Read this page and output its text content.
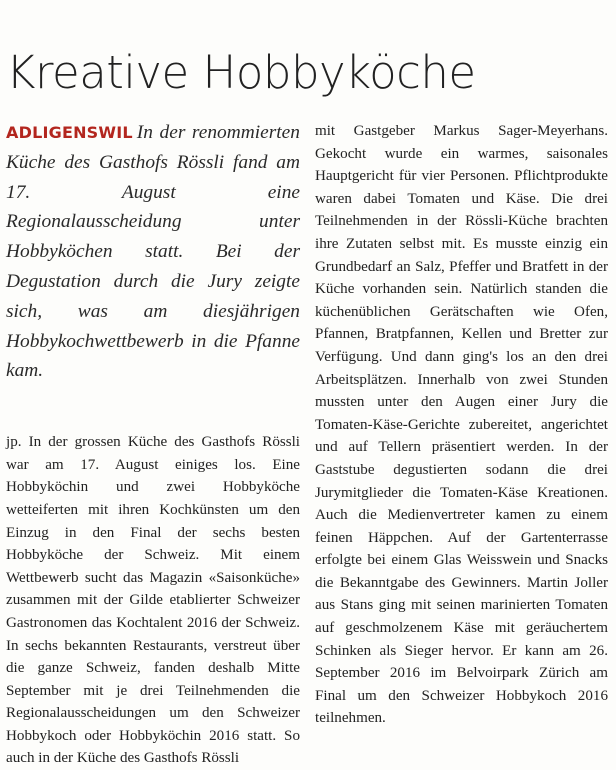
Kreative Hobbyköche

ADLIGENSWIL In der renommierten Küche des Gasthofs Rössli fand am 17. August eine Regionalausscheidung unter Hobbyköchen statt. Bei der Degustation durch die Jury zeigte sich, was am diesjährigen Hobbykochwettbewerb in die Pfanne kam.

jp. In der grossen Küche des Gasthofs Rössli war am 17. August einiges los. Eine Hobbyköchin und zwei Hobbyköche wetteiferten mit ihren Kochkünsten um den Einzug in den Final der sechs besten Hobbyköche der Schweiz. Mit einem Wettbewerb sucht das Magazin «Saisonküche» zusammen mit der Gilde etablierter Schweizer Gastronomen das Kochtalent 2016 der Schweiz. In sechs bekannten Restaurants, verstreut über die ganze Schweiz, fanden deshalb Mitte September mit je drei Teilnehmenden die Regionalausscheidungen um den Schweizer Hobbykoch oder Hobbyköchin 2016 statt. So auch in der Küche des Gasthofs Rössli

mit Gastgeber Markus Sager-Meyerhans. Gekocht wurde ein warmes, saisonales Hauptgericht für vier Personen. Pflichtprodukte waren dabei Tomaten und Käse. Die drei Teilnehmenden in der Rössli-Küche brachten ihre Zutaten selbst mit. Es musste einzig ein Grundbedarf an Salz, Pfeffer und Bratfett in der Küche vorhanden sein. Natürlich standen die küchenüblichen Gerätschaften wie Ofen, Pfannen, Bratpfannen, Kellen und Bretter zur Verfügung. Und dann ging's los an den drei Arbeitsplätzen. Innerhalb von zwei Stunden mussten unter den Augen einer Jury die Tomaten-Käse-Gerichte zubereitet, angerichtet und auf Tellern präsentiert werden. In der Gaststube degustierten sodann die drei Jurymitglieder die Tomaten-Käse Kreationen. Auch die Medienvertreter kamen zu einem feinen Häppchen. Auf der Gartenterrasse erfolgte bei einem Glas Weisswein und Snacks die Bekanntgabe des Gewinners. Martin Joller aus Stans ging mit seinen marinierten Tomaten auf geschmolzenem Käse mit geräuchertem Schinken als Sieger hervor. Er kann am 26. September 2016 im Belvoirpark Zürich am Final um den Schweizer Hobbykoch 2016 teilnehmen.
